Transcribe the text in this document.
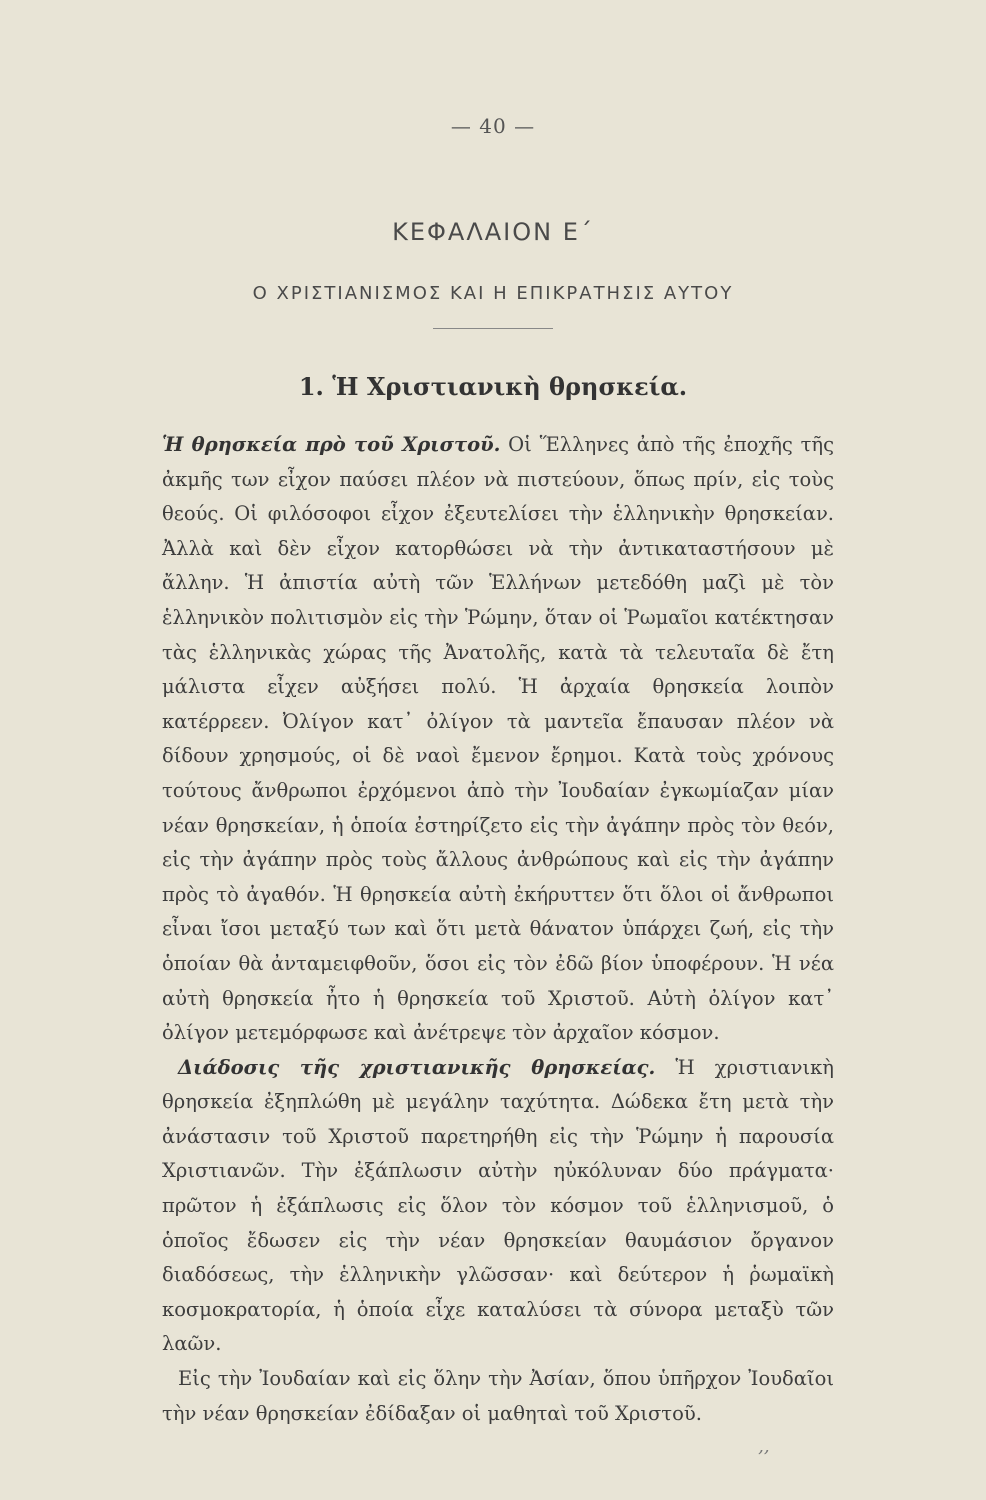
— 40 —
ΚΕΦΑΛΑΙΟΝ Ε΄
Ο ΧΡΙΣΤΙΑΝΙΣΜΟΣ ΚΑΙ Η ΕΠΙΚΡΑΤΗΣΙΣ ΑΥΤΟΥ
1. Ἡ Χριστιανικὴ θρησκεία.

Ἡ θρησκεία πρὸ τοῦ Χριστοῦ. Οἱ Ἕλληνες ἀπὸ τῆς ἐποχῆς τῆς ἀκμῆς των εἶχον παύσει πλέον νὰ πιστεύουν, ὅπως πρίν, εἰς τοὺς θεούς. Οἱ φιλόσοφοι εἶχον ἐξευτελίσει τὴν ἑλληνικὴν θρησκείαν. Ἀλλὰ καὶ δὲν εἶχον κατορθώσει νὰ τὴν ἀντικαταστήσουν μὲ ἄλλην. Ἡ ἀπιστία αὐτὴ τῶν Ἑλλήνων μετεδόθη μαζὶ μὲ τὸν ἑλληνικὸν πολιτισμὸν εἰς τὴν Ῥώμην, ὅταν οἱ Ῥωμαῖοι κατέκτησαν τὰς ἑλληνικὰς χώρας τῆς Ἀνατολῆς, κατὰ τὰ τελευταῖα δὲ ἔτη μάλιστα εἶχεν αὐξήσει πολύ. Ἡ ἀρχαία θρησκεία λοιπὸν κατέρρεεν. Ὀλίγον κατ᾿ ὀλίγον τὰ μαντεῖα ἔπαυσαν πλέον νὰ δίδουν χρησμούς, οἱ δὲ ναοὶ ἔμενον ἔρημοι. Κατὰ τοὺς χρόνους τούτους ἄνθρωποι ἐρχόμενοι ἀπὸ τὴν Ἰουδαίαν ἐγκωμίαζαν μίαν νέαν θρησκείαν, ἡ ὁποία ἐστηρίζετο εἰς τὴν ἀγάπην πρὸς τὸν θεόν, εἰς τὴν ἀγάπην πρὸς τοὺς ἄλλους ἀνθρώπους καὶ εἰς τὴν ἀγάπην πρὸς τὸ ἀγαθόν. Ἡ θρησκεία αὐτὴ ἐκήρυττεν ὅτι ὅλοι οἱ ἄνθρωποι εἶναι ἴσοι μεταξύ των καὶ ὅτι μετὰ θάνατον ὑπάρχει ζωή, εἰς τὴν ὁποίαν θὰ ἀνταμειφθοῦν, ὅσοι εἰς τὸν ἐδῶ βίον ὑποφέρουν. Ἡ νέα αὐτὴ θρησκεία ἦτο ἡ θρησκεία τοῦ Χριστοῦ. Αὐτὴ ὀλίγον κατ᾿ ὀλίγον μετεμόρφωσε καὶ ἀνέτρεψε τὸν ἀρχαῖον κόσμον.

Διάδοσις τῆς χριστιανικῆς θρησκείας. Ἡ χριστιανικὴ θρησκεία ἐξηπλώθη μὲ μεγάλην ταχύτητα. Δώδεκα ἔτη μετὰ τὴν ἀνάστασιν τοῦ Χριστοῦ παρετηρήθη εἰς τὴν Ῥώμην ἡ παρουσία Χριστιανῶν. Τὴν ἐξάπλωσιν αὐτὴν ηὐκόλυναν δύο πράγματα· πρῶτον ἡ ἐξάπλωσις εἰς ὅλον τὸν κόσμον τοῦ ἑλληνισμοῦ, ὁ ὁποῖος ἔδωσεν εἰς τὴν νέαν θρησκείαν θαυμάσιον ὄργανον διαδόσεως, τὴν ἑλληνικὴν γλῶσσαν· καὶ δεύτερον ἡ ῥωμαϊκὴ κοσμοκρατορία, ἡ ὁποία εἶχε καταλύσει τὰ σύνορα μεταξὺ τῶν λαῶν.

Εἰς τὴν Ἰουδαίαν καὶ εἰς ὅλην τὴν Ἀσίαν, ὅπου ὑπῆρχον Ἰουδαῖοι τὴν νέαν θρησκείαν ἐδίδαξαν οἱ μαθηταὶ τοῦ Χριστοῦ.

‚‚
